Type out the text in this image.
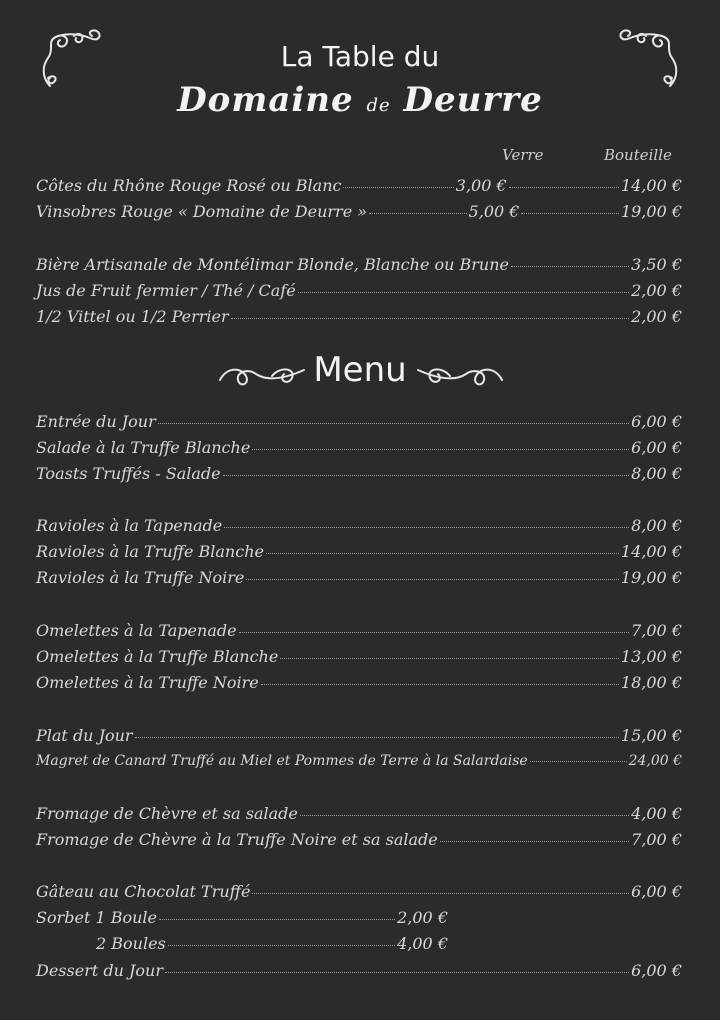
La Table du
Domaine de Deurre
Verre	Bouteille
Côtes du Rhône Rouge Rosé ou Blanc	3,00 €	14,00 €
Vinsobres Rouge « Domaine de Deurre »	5,00 €	19,00 €
Bière Artisanale de Montélimar Blonde, Blanche ou Brune	3,50 €
Jus de Fruit fermier / Thé / Café	2,00 €
1/2 Vittel ou 1/2 Perrier	2,00 €
Menu
Entrée du Jour	6,00 €
Salade à la Truffe Blanche	6,00 €
Toasts Truffés - Salade	8,00 €
Ravioles à la Tapenade	8,00 €
Ravioles à la Truffe Blanche	14,00 €
Ravioles à la Truffe Noire	19,00 €
Omelettes à la Tapenade	7,00 €
Omelettes à la Truffe Blanche	13,00 €
Omelettes à la Truffe Noire	18,00 €
Plat du Jour	15,00 €
Magret de Canard Truffé au Miel et Pommes de Terre à la Salardaise	24,00 €
Fromage de Chèvre et sa salade	4,00 €
Fromage de Chèvre à la Truffe Noire et sa salade	7,00 €
Gâteau au Chocolat Truffé	6,00 €
Sorbet 1 Boule	2,00 €
2 Boules	4,00 €
Dessert du Jour	6,00 €
